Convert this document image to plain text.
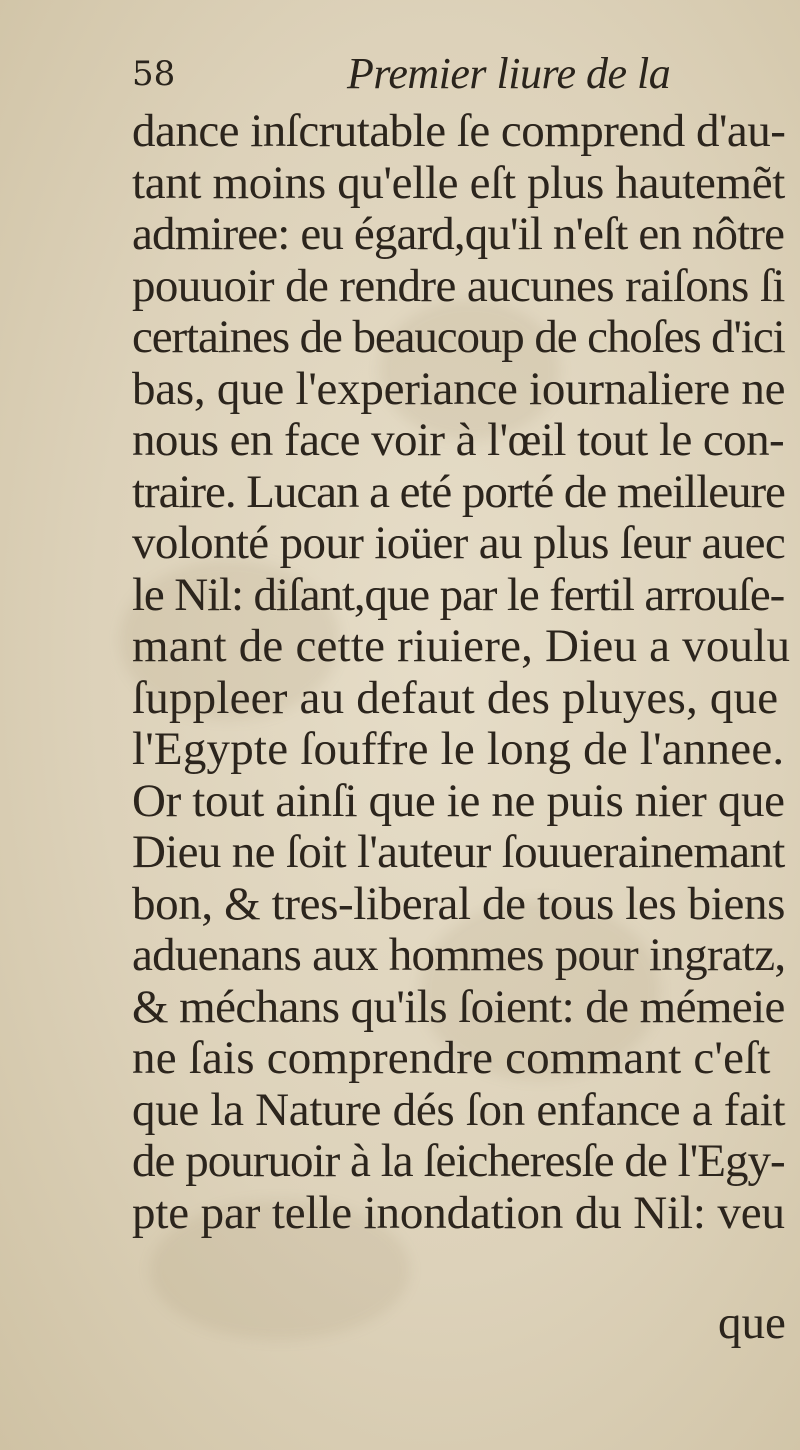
58	Premier liure de la
dance inſcrutable ſe comprend d'au-
tant moins qu'elle eſt plus hautemẽt
admiree: eu égard,qu'il n'eſt en nôtre
pouuoir de rendre aucunes raiſons ſi
certaines de beaucoup de choſes d'ici
bas, que l'experiance iournaliere ne
nous en face voir à l'œil tout le con-
traire. Lucan a eté porté de meilleure
volonté pour ioüer au plus ſeur auec
le Nil: diſant,que par le fertil arrouſe-
mant de cette riuiere, Dieu a voulu
ſuppleer au defaut des pluyes, que
l'Egypte ſouffre le long de l'annee.
Or tout ainſi que ie ne puis nier que
Dieu ne ſoit l'auteur ſouuerainemant
bon, & tres-liberal de tous les biens
aduenans aux hommes pour ingratz,
& méchans qu'ils ſoient: de mémeie
ne ſais comprendre commant c'eſt
que la Nature dés ſon enfance a fait
de pouruoir à la ſeicheresſe de l'Egy-
pte par telle inondation du Nil: veu
que
